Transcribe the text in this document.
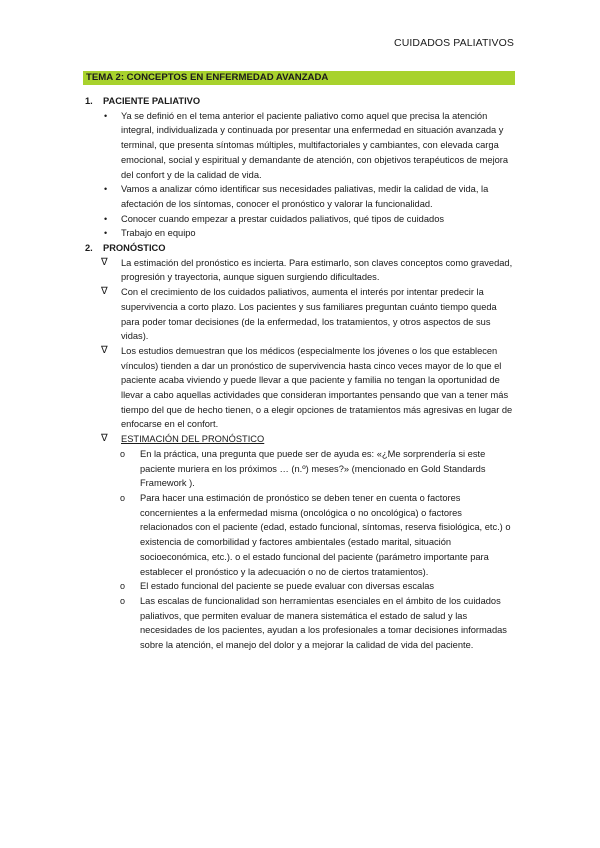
CUIDADOS PALIATIVOS
TEMA 2: CONCEPTOS EN ENFERMEDAD AVANZADA
1. PACIENTE PALIATIVO
• Ya se definió en el tema anterior el paciente paliativo como aquel que precisa la atención integral, individualizada y continuada por presentar una enfermedad en situación avanzada y terminal, que presenta síntomas múltiples, multifactoriales y cambiantes, con elevada carga emocional, social y espiritual y demandante de atención, con objetivos terapéuticos de mejora del confort y de la calidad de vida.
• Vamos a analizar cómo identificar sus necesidades paliativas, medir la calidad de vida, la afectación de los síntomas, conocer el pronóstico y valorar la funcionalidad.
• Conocer cuando empezar a prestar cuidados paliativos, qué tipos de cuidados
• Trabajo en equipo
2. PRONÓSTICO
∇ La estimación del pronóstico es incierta. Para estimarlo, son claves conceptos como gravedad, progresión y trayectoria, aunque siguen surgiendo dificultades.
∇ Con el crecimiento de los cuidados paliativos, aumenta el interés por intentar predecir la supervivencia a corto plazo. Los pacientes y sus familiares preguntan cuánto tiempo queda para poder tomar decisiones (de la enfermedad, los tratamientos, y otros aspectos de sus vidas).
∇ Los estudios demuestran que los médicos (especialmente los jóvenes o los que establecen vínculos) tienden a dar un pronóstico de supervivencia hasta cinco veces mayor de lo que el paciente acaba viviendo y puede llevar a que paciente y familia no tengan la oportunidad de llevar a cabo aquellas actividades que consideran importantes pensando que van a tener más tiempo del que de hecho tienen, o a elegir opciones de tratamientos más agresivas en lugar de enfocarse en el confort.
∇ ESTIMACIÓN DEL PRONÓSTICO
o En la práctica, una pregunta que puede ser de ayuda es: «¿Me sorprendería si este paciente muriera en los próximos … (n.º) meses?» (mencionado en Gold Standards Framework ).
o Para hacer una estimación de pronóstico se deben tener en cuenta o factores concernientes a la enfermedad misma (oncológica o no oncológica) o factores relacionados con el paciente (edad, estado funcional, síntomas, reserva fisiológica, etc.) o existencia de comorbilidad y factores ambientales (estado marital, situación socioeconómica, etc.). o el estado funcional del paciente (parámetro importante para establecer el pronóstico y la adecuación o no de ciertos tratamientos).
o El estado funcional del paciente se puede evaluar con diversas escalas
o Las escalas de funcionalidad son herramientas esenciales en el ámbito de los cuidados paliativos, que permiten evaluar de manera sistemática el estado de salud y las necesidades de los pacientes, ayudan a los profesionales a tomar decisiones informadas sobre la atención, el manejo del dolor y a mejorar la calidad de vida del paciente.
